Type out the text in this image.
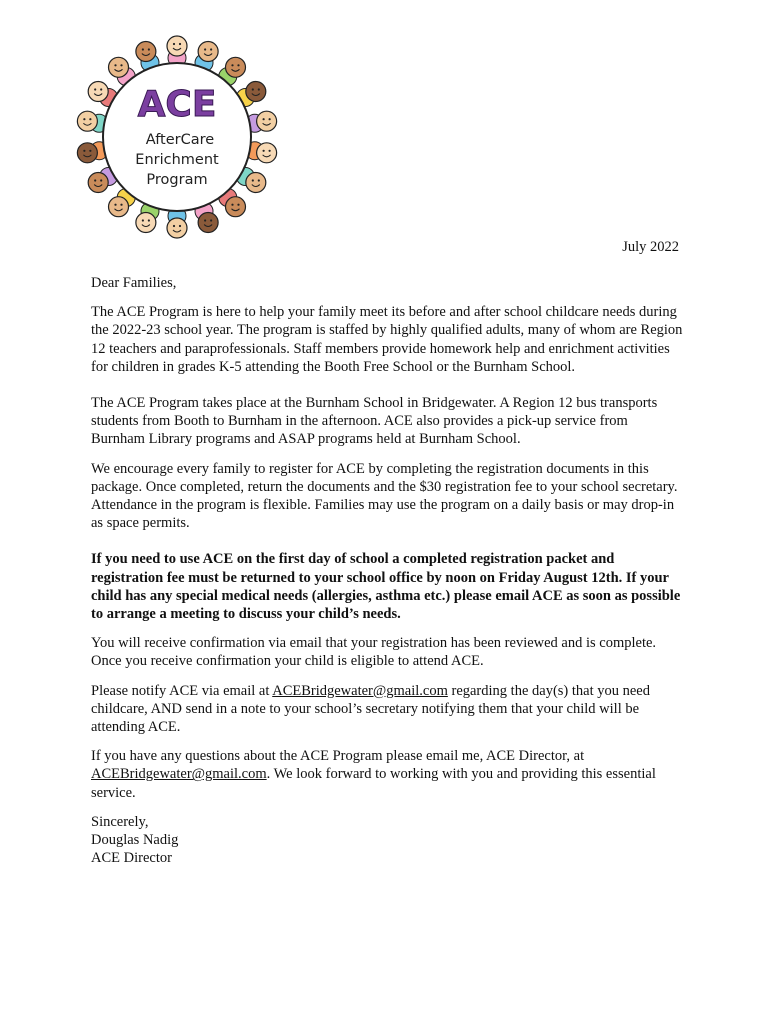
ACE
AfterCare
Enrichment
Program
July 2022

Dear Families,

The ACE Program is here to help your family meet its before and after school childcare needs during the 2022-23 school year. The program is staffed by highly qualified adults, many of whom are Region 12 teachers and paraprofessionals. Staff members provide homework help and enrichment activities for children in grades K-5 attending the Booth Free School or the Burnham School.

The ACE Program takes place at the Burnham School in Bridgewater. A Region 12 bus transports students from Booth to Burnham in the afternoon. ACE also provides a pick-up service from Burnham Library programs and ASAP programs held at Burnham School.

We encourage every family to register for ACE by completing the registration documents in this package. Once completed, return the documents and the $30 registration fee to your school secretary. Attendance in the program is flexible. Families may use the program on a daily basis or may drop-in as space permits.

If you need to use ACE on the first day of school a completed registration packet and registration fee must be returned to your school office by noon on Friday August 12th. If your child has any special medical needs (allergies, asthma etc.) please email ACE as soon as possible to arrange a meeting to discuss your child’s needs.

You will receive confirmation via email that your registration has been reviewed and is complete. Once you receive confirmation your child is eligible to attend ACE.

Please notify ACE via email at ACEBridgewater@gmail.com regarding the day(s) that you need childcare, AND send in a note to your school’s secretary notifying them that your child will be attending ACE.

If you have any questions about the ACE Program please email me, ACE Director, at ACEBridgewater@gmail.com. We look forward to working with you and providing this essential service.

Sincerely,
Douglas Nadig
ACE Director
